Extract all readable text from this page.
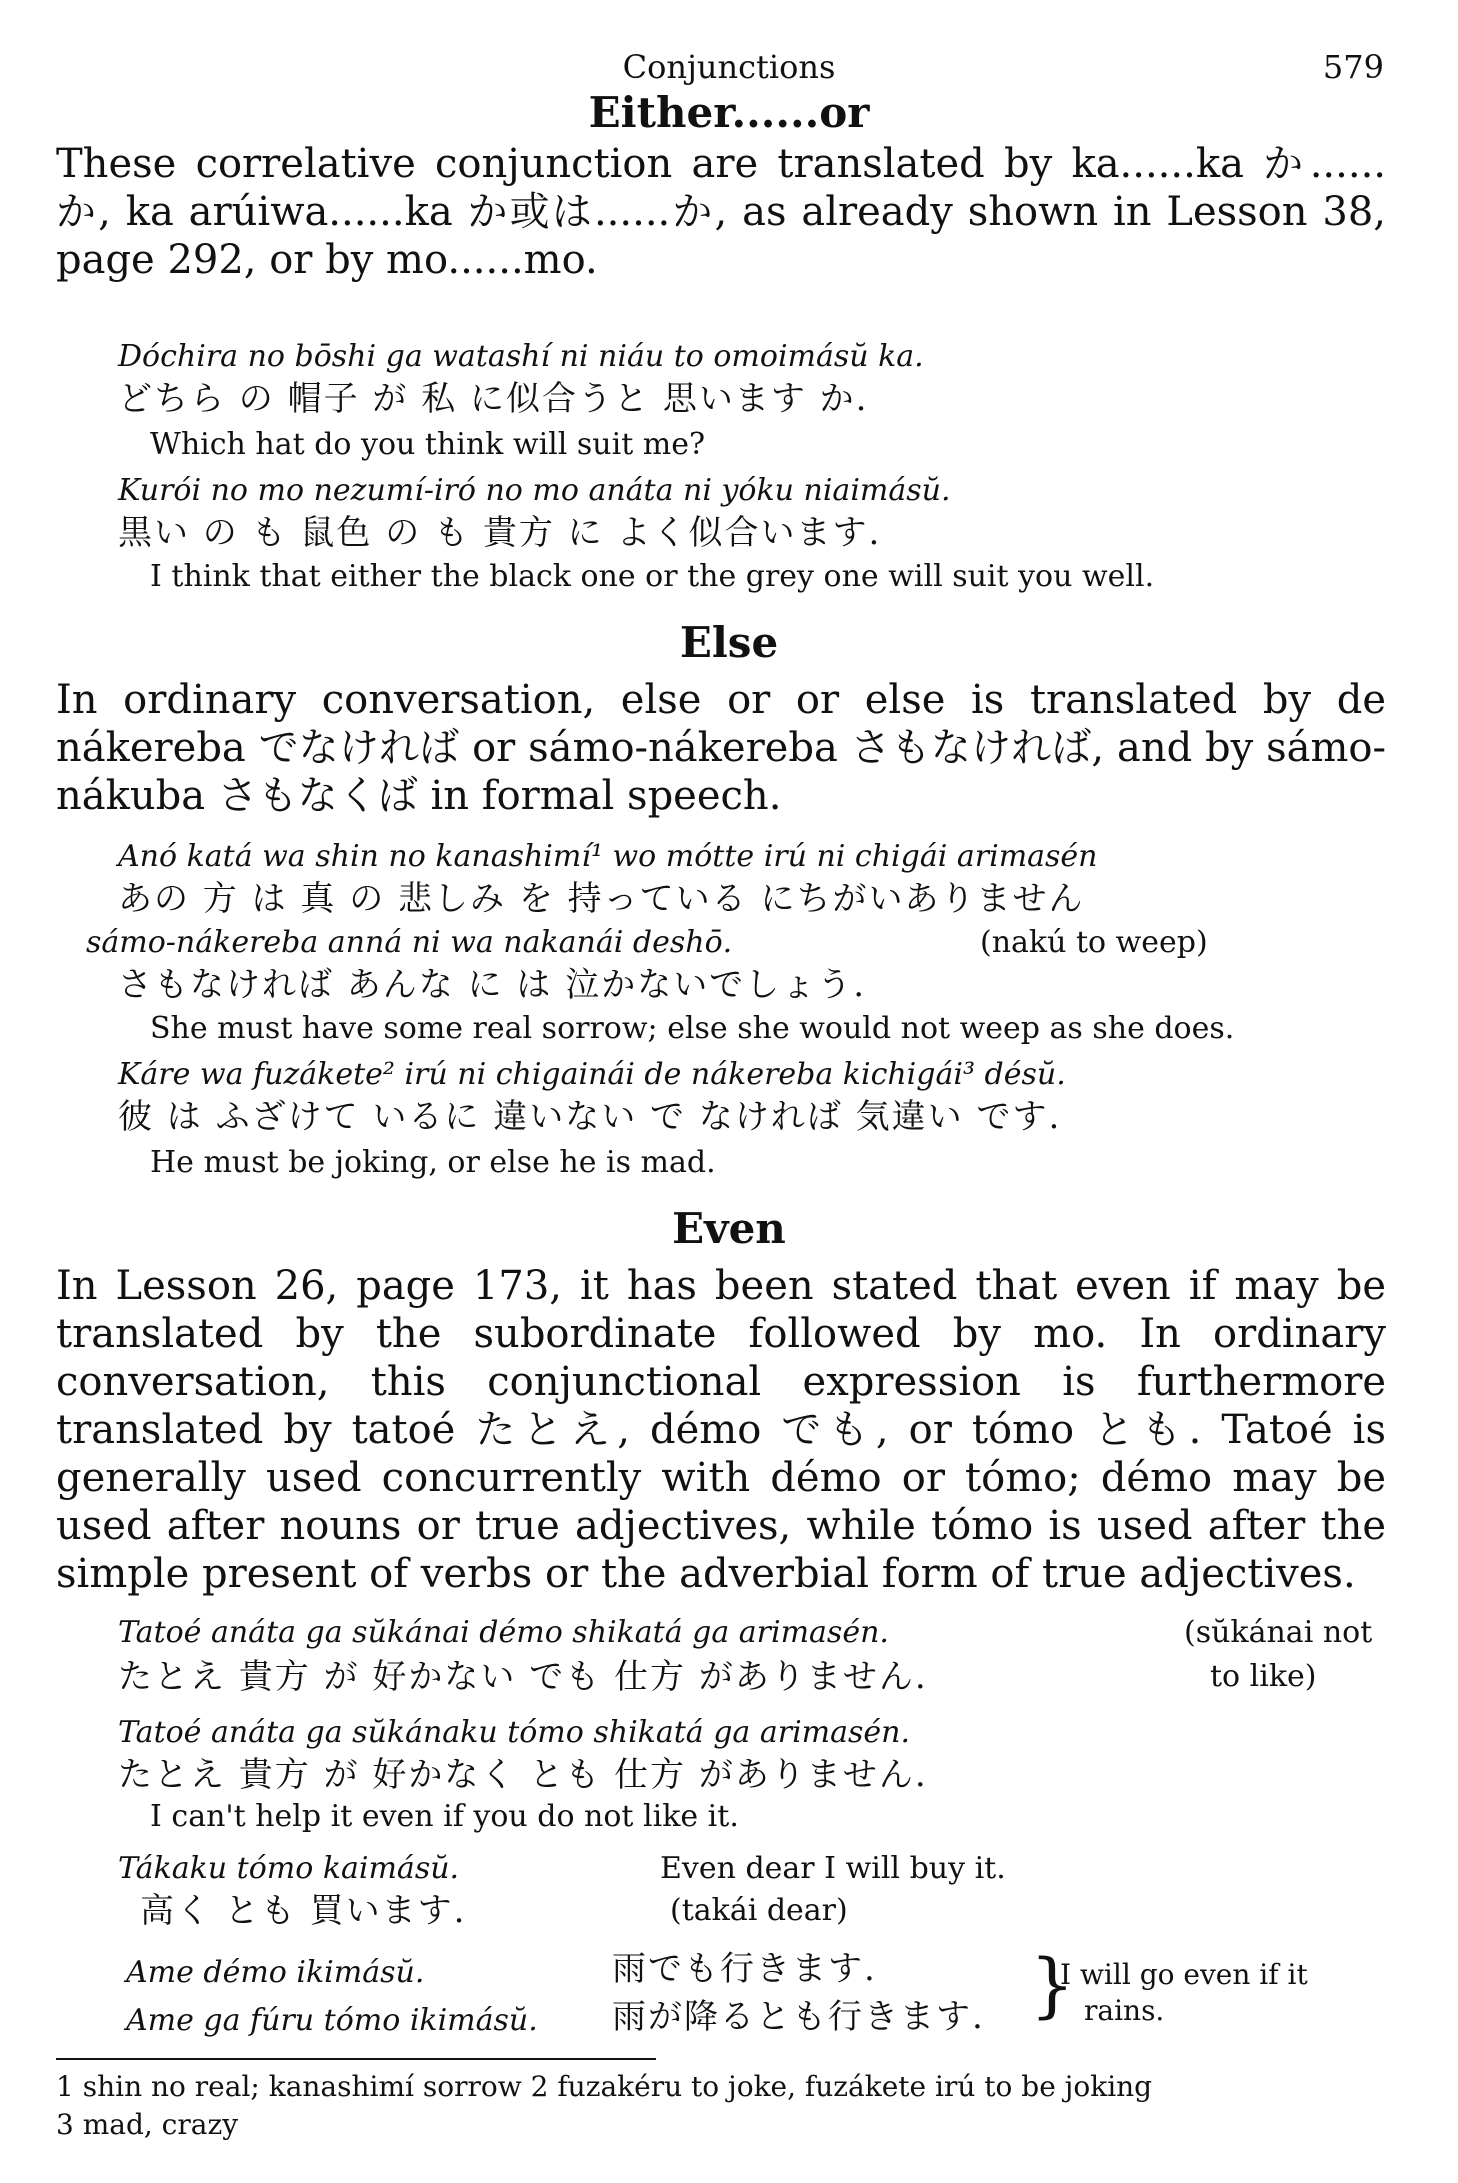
Conjunctions	579
Either......or
These correlative conjunction are translated by ka......ka か......か, ka arúiwa......ka か或は......か, as already shown in Lesson 38, page 292, or by mo......mo.
Dóchira no bōshi ga watashí ni niáu to omoimásŭ ka.
どちら の 帽子 が 私 に似合うと 思います か.
Which hat do you think will suit me?
Kurói no mo nezumí-iró no mo anáta ni yóku niaimásŭ.
黒い の も 鼠色 の も 貴方 に よく似合います.
I think that either the black one or the grey one will suit you well.
Else
In ordinary conversation, else or or else is translated by de nákereba でなければ or sámo-nákereba さもなければ, and by sámo-nákuba さもなくば in formal speech.
Anó katá wa shin no kanashimí¹ wo mótte irú ni chigái arimasén
あの 方 は 真 の 悲しみ を 持っている にちがいありません
sámo-nákereba anná ni wa nakanái deshō.	(nakú to weep)
さもなければ あんな に は 泣かないでしょう.
She must have some real sorrow; else she would not weep as she does.
Káre wa fuzákete² irú ni chigainái de nákereba kichigái³ désŭ.
彼 は ふざけて いるに 違いない で なければ 気違い です.
He must be joking, or else he is mad.
Even
In Lesson 26, page 173, it has been stated that even if may be translated by the subordinate followed by mo. In ordinary conversation, this conjunctional expression is furthermore translated by tatoé たとえ, démo でも, or tómo とも. Tatoé is generally used concurrently with démo or tómo; démo may be used after nouns or true adjectives, while tómo is used after the simple present of verbs or the adverbial form of true adjectives.
Tatoé anáta ga sŭkánai démo shikatá ga arimasén.	(sŭkánai not
たとえ 貴方 が 好かない でも 仕方 がありません.	to like)
Tatoé anáta ga sŭkánaku tómo shikatá ga arimasén.
たとえ 貴方 が 好かなく とも 仕方 がありません.
I can't help it even if you do not like it.
Tákaku tómo kaimásŭ.	Even dear I will buy it.
高く とも 買います.	(takái dear)
Ame démo ikimásŭ.	雨でも行きます.
Ame ga fúru tómo ikimásŭ. 雨が降るとも行きます. }
I will go even if it
rains.
1 shin no real; kanashimí sorrow 2 fuzakéru to joke, fuzákete irú to be joking
3 mad, crazy
